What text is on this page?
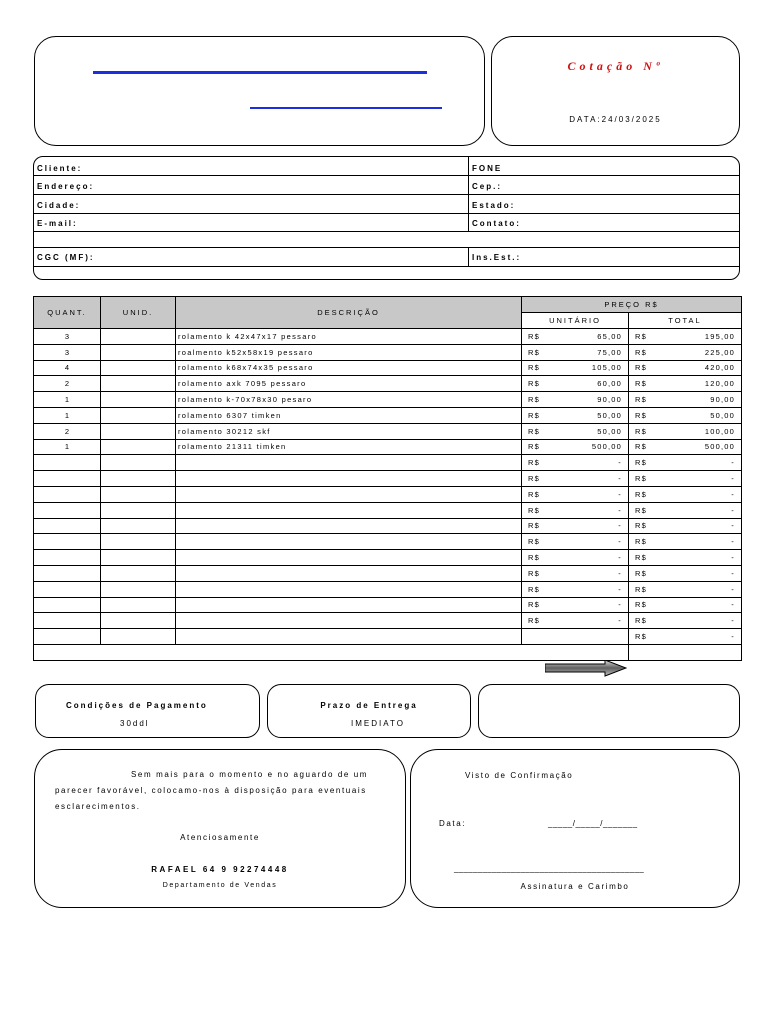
Cotação Nº
DATA:24/03/2025
Cliente:	FONE
Endereço:	Cep.:
Cidade:	Estado:
E-mail:	Contato:
CGC (MF):	Ins.Est.:
QUANT.	UNID.	DESCRIÇÃO	PREÇO R$	
			UNITÁRIO	TOTAL
3		rolamento k 42x47x17 pessaro	R$ 65,00	R$ 195,00

3		roalmento k52x58x19 pessaro	R$ 75,00	R$ 225,00

4		rolamento k68x74x35 pessaro	R$ 105,00	R$ 420,00

2		rolamento axk 7095 pessaro	R$ 60,00	R$ 120,00

1		rolamento k-70x78x30 pesaro	R$ 90,00	R$ 90,00

1		rolamento 6307 timken	R$ 50,00	R$ 50,00

2		rolamento 30212 skf	R$ 50,00	R$ 100,00

1		rolamento 21311 timken	R$ 500,00	R$ 500,00

			R$ -	R$ -

			R$ -	R$ -

			R$ -	R$ -

			R$ -	R$ -

			R$ -	R$ -

			R$ -	R$ -

			R$ -	R$ -

			R$ -	R$ -

			R$ -	R$ -

			R$ -	R$ -

			R$ -	R$ -

				R$ -

Condições de Pagamento
30ddl
Prazo de Entrega
IMEDIATO
Sem mais para o momento e no aguardo de um
parecer favorável, colocamo-nos à disposição para eventuais
esclarecimentos.
Atenciosamente
RAFAEL 64 9 92274448
Departamento de Vendas
Visto de Confirmação
Data:	_____/_____/_______
________________________________________
Assinatura e Carimbo
